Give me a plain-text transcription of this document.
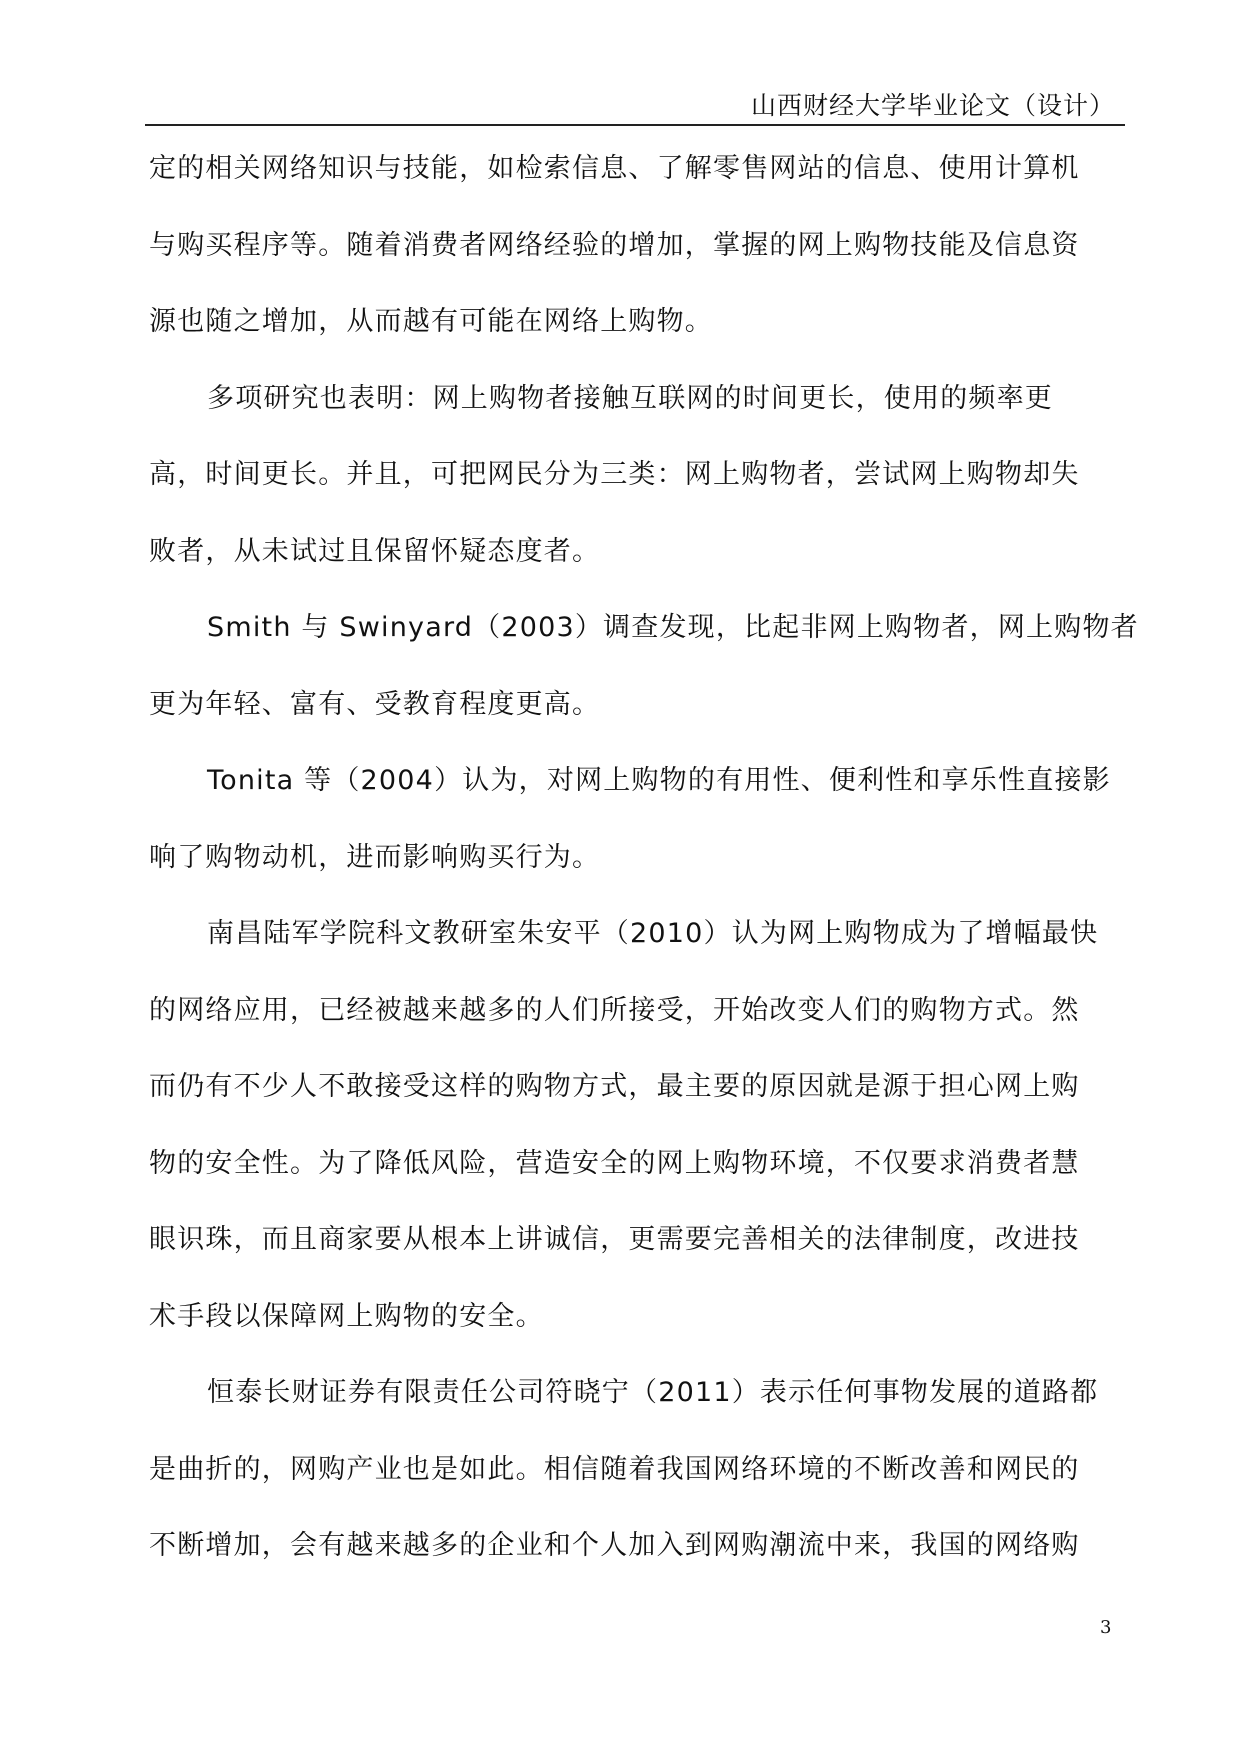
山西财经大学毕业论文（设计）
定的相关网络知识与技能，如检索信息、了解零售网站的信息、使用计算机
与购买程序等。随着消费者网络经验的增加，掌握的网上购物技能及信息资
源也随之增加，从而越有可能在网络上购物。
多项研究也表明：网上购物者接触互联网的时间更长，使用的频率更
高，时间更长。并且，可把网民分为三类：网上购物者，尝试网上购物却失
败者，从未试过且保留怀疑态度者。
Smith 与 Swinyard（2003）调查发现，比起非网上购物者，网上购物者
更为年轻、富有、受教育程度更高。
Tonita 等（2004）认为，对网上购物的有用性、便利性和享乐性直接影
响了购物动机，进而影响购买行为。
南昌陆军学院科文教研室朱安平（2010）认为网上购物成为了增幅最快
的网络应用，已经被越来越多的人们所接受，开始改变人们的购物方式。然
而仍有不少人不敢接受这样的购物方式，最主要的原因就是源于担心网上购
物的安全性。为了降低风险，营造安全的网上购物环境，不仅要求消费者慧
眼识珠，而且商家要从根本上讲诚信，更需要完善相关的法律制度，改进技
术手段以保障网上购物的安全。
恒泰长财证券有限责任公司符晓宁（2011）表示任何事物发展的道路都
是曲折的，网购产业也是如此。相信随着我国网络环境的不断改善和网民的
不断增加，会有越来越多的企业和个人加入到网购潮流中来，我国的网络购
3
